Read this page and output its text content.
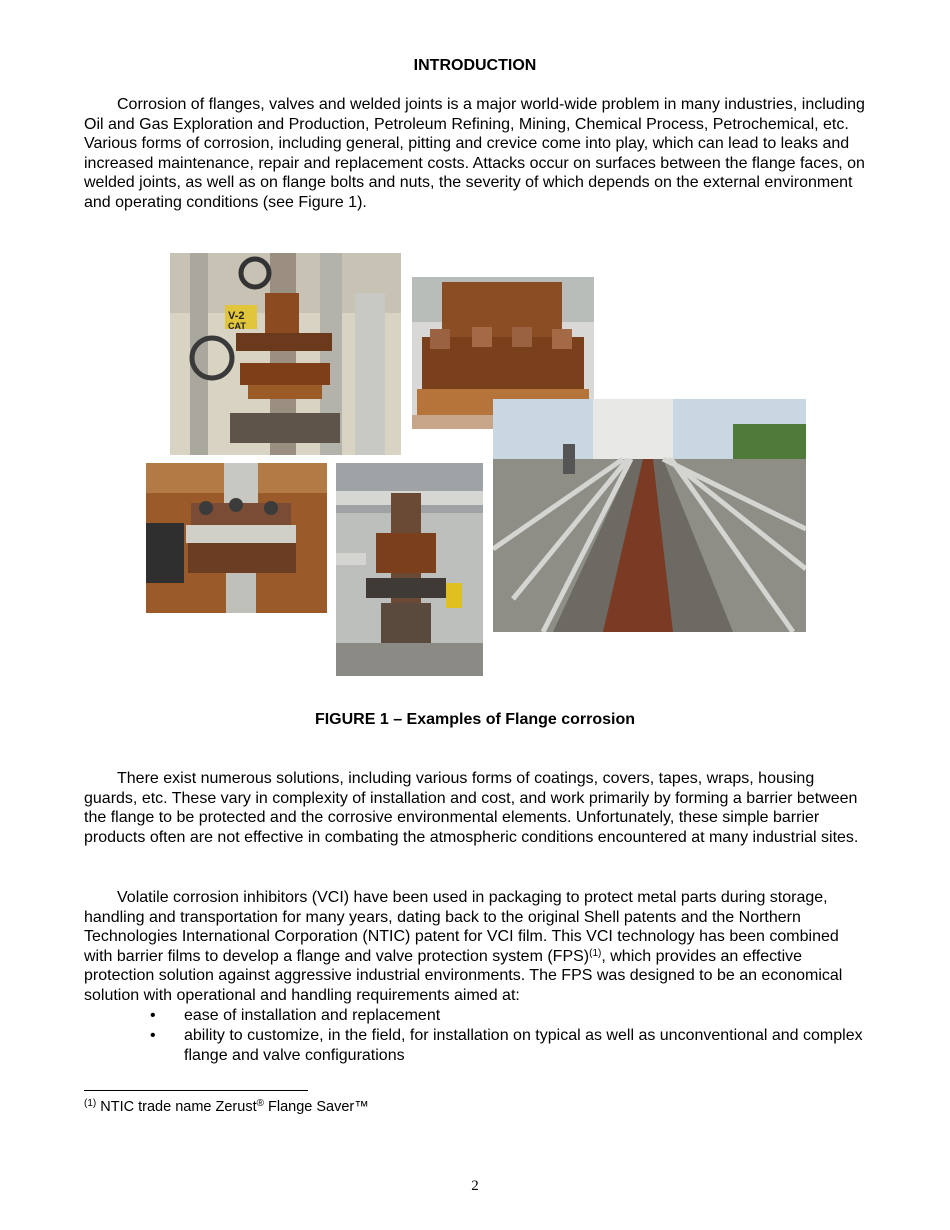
INTRODUCTION

Corrosion of flanges, valves and welded joints is a major world-wide problem in many industries, including Oil and Gas Exploration and Production, Petroleum Refining, Mining, Chemical Process, Petrochemical, etc. Various forms of corrosion, including general, pitting and crevice come into play, which can lead to leaks and increased maintenance, repair and replacement costs. Attacks occur on surfaces between the flange faces, on welded joints, as well as on flange bolts and nuts, the severity of which depends on the external environment and operating conditions (see Figure 1).

V-2
CAT
FIGURE 1 – Examples of Flange corrosion

There exist numerous solutions, including various forms of coatings, covers, tapes, wraps, housing guards, etc. These vary in complexity of installation and cost, and work primarily by forming a barrier between the flange to be protected and the corrosive environmental elements. Unfortunately, these simple barrier products often are not effective in combating the atmospheric conditions encountered at many industrial sites.

Volatile corrosion inhibitors (VCI) have been used in packaging to protect metal parts during storage, handling and transportation for many years, dating back to the original Shell patents and the Northern Technologies International Corporation (NTIC) patent for VCI film. This VCI technology has been combined with barrier films to develop a flange and valve protection system (FPS)$^{(1)}$, which provides an effective protection solution against aggressive industrial environments. The FPS was designed to be an economical solution with operational and handling requirements aimed at:

• ease of installation and replacement
• ability to customize, in the field, for installation on typical as well as unconventional and complex flange and valve configurations
$^{(1)}$ NTIC trade name Zerust® Flange Saver™
2
